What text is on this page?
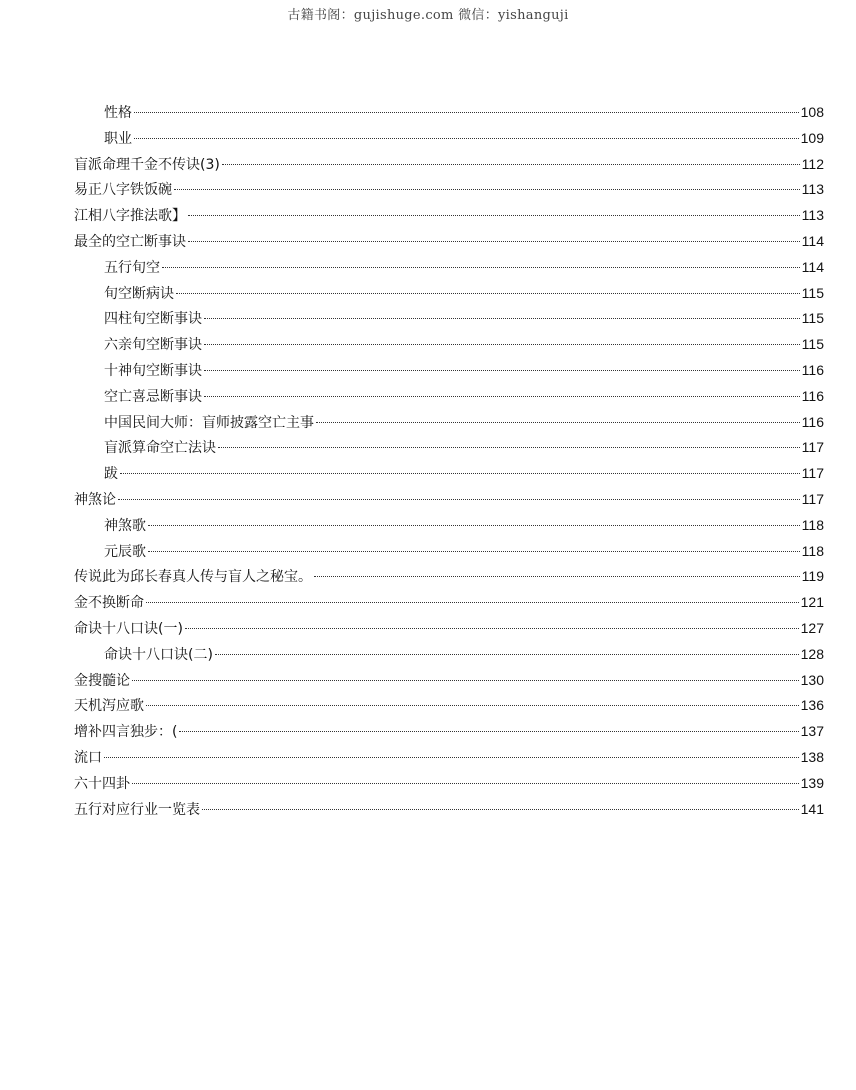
古籍书阁：gujishuge.com 微信：yishanguji
性格	108
职业	109
盲派命理千金不传诀(3)	112
易正八字铁饭碗	113
江相八字推法歌】	113
最全的空亡断事诀	114
五行旬空	114
旬空断病诀	115
四柱旬空断事诀	115
六亲旬空断事诀	115
十神旬空断事诀	116
空亡喜忌断事诀	116
中国民间大师：盲师披露空亡主事	116
盲派算命空亡法诀	117
跋	117
神煞论	117
神煞歌	118
元辰歌	118
传说此为邱长春真人传与盲人之秘宝。	119
金不换断命	121
命诀十八口诀(一)	127
命诀十八口诀(二)	128
金搜髓论	130
天机泻应歌	136
增补四言独步：(	137
流口	138
六十四卦	139
五行对应行业一览表	141
